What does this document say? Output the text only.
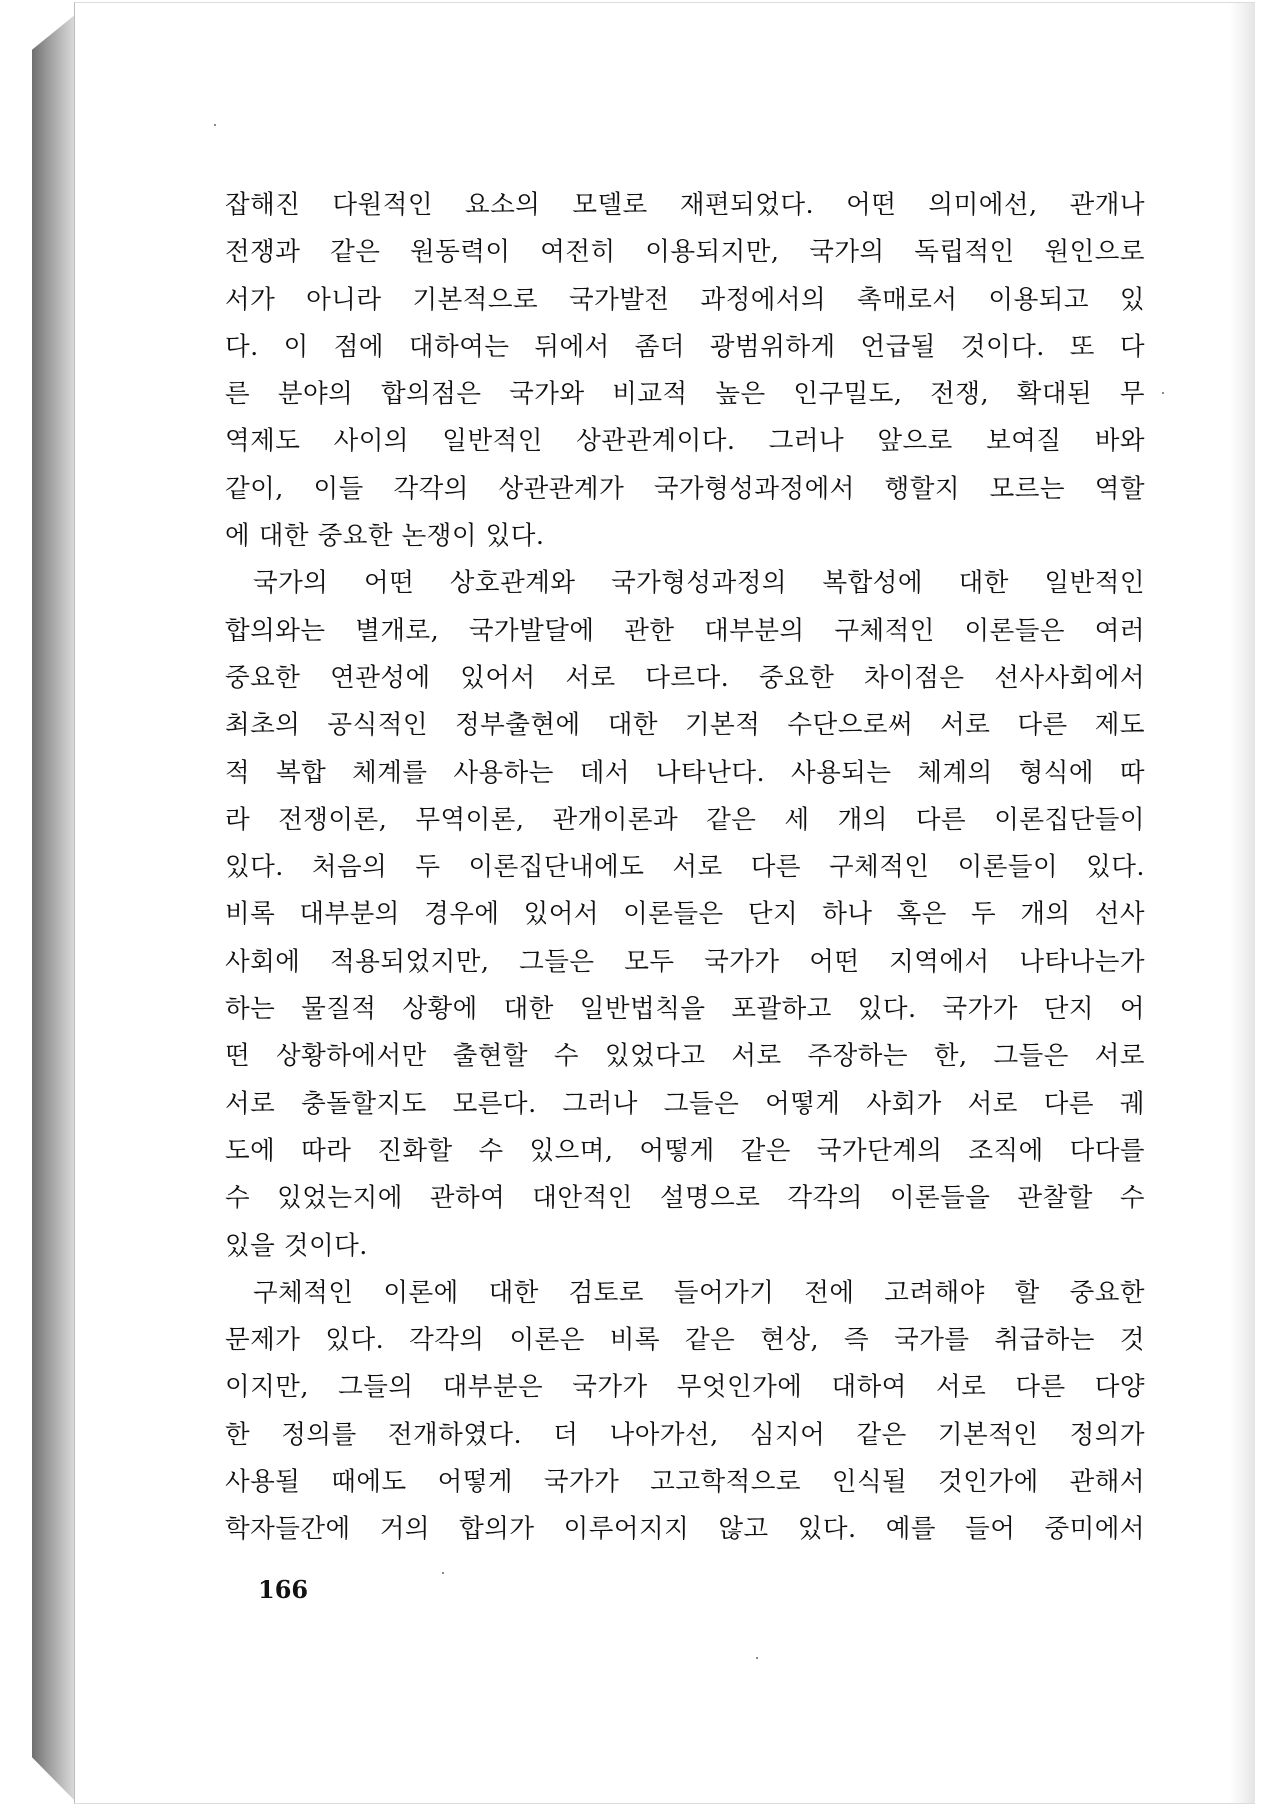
잡해진 다원적인 요소의 모델로 재편되었다. 어떤 의미에선, 관개나
전쟁과 같은 원동력이 여전히 이용되지만, 국가의 독립적인 원인으로
서가 아니라 기본적으로 국가발전 과정에서의 촉매로서 이용되고 있
다. 이 점에 대하여는 뒤에서 좀더 광범위하게 언급될 것이다. 또 다
른 분야의 합의점은 국가와 비교적 높은 인구밀도, 전쟁, 확대된 무
역제도 사이의 일반적인 상관관계이다. 그러나 앞으로 보여질 바와
같이, 이들 각각의 상관관계가 국가형성과정에서 행할지 모르는 역할
에 대한 중요한 논쟁이 있다.
국가의 어떤 상호관계와 국가형성과정의 복합성에 대한 일반적인
합의와는 별개로, 국가발달에 관한 대부분의 구체적인 이론들은 여러
중요한 연관성에 있어서 서로 다르다. 중요한 차이점은 선사사회에서
최초의 공식적인 정부출현에 대한 기본적 수단으로써 서로 다른 제도
적 복합 체계를 사용하는 데서 나타난다. 사용되는 체계의 형식에 따
라 전쟁이론, 무역이론, 관개이론과 같은 세 개의 다른 이론집단들이
있다. 처음의 두 이론집단내에도 서로 다른 구체적인 이론들이 있다.
비록 대부분의 경우에 있어서 이론들은 단지 하나 혹은 두 개의 선사
사회에 적용되었지만, 그들은 모두 국가가 어떤 지역에서 나타나는가
하는 물질적 상황에 대한 일반법칙을 포괄하고 있다. 국가가 단지 어
떤 상황하에서만 출현할 수 있었다고 서로 주장하는 한, 그들은 서로
서로 충돌할지도 모른다. 그러나 그들은 어떻게 사회가 서로 다른 궤
도에 따라 진화할 수 있으며, 어떻게 같은 국가단계의 조직에 다다를
수 있었는지에 관하여 대안적인 설명으로 각각의 이론들을 관찰할 수
있을 것이다.
구체적인 이론에 대한 검토로 들어가기 전에 고려해야 할 중요한
문제가 있다. 각각의 이론은 비록 같은 현상, 즉 국가를 취급하는 것
이지만, 그들의 대부분은 국가가 무엇인가에 대하여 서로 다른 다양
한 정의를 전개하였다. 더 나아가선, 심지어 같은 기본적인 정의가
사용될 때에도 어떻게 국가가 고고학적으로 인식될 것인가에 관해서
학자들간에 거의 합의가 이루어지지 않고 있다. 예를 들어 중미에서
166
